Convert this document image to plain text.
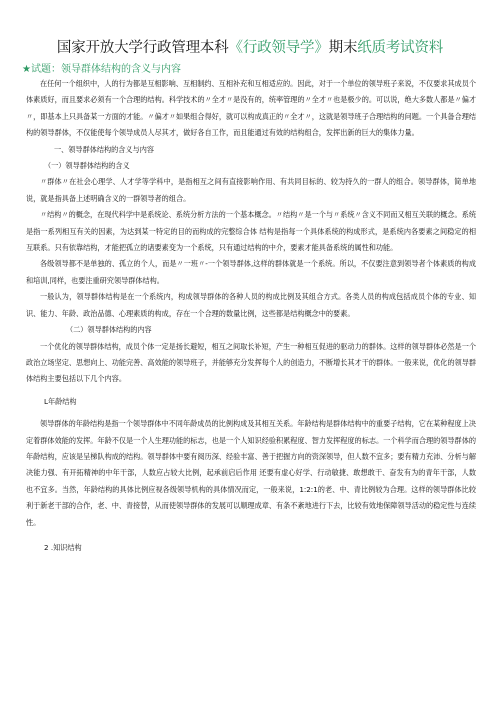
国家开放大学行政管理本科《行政领导学》期末纸质考试资料
★试题：领导群体结构的含义与内容

在任何一个组织中，人的行为都是互相影响、互相制约、互相补充和互相适应的。因此，对于一个单位的领导班子来说，不仅要求其成员个体素质好，而且要求必须有一个合理的结构。科学技术的〃全才〃是没有的，统率管理的〃全才〃也是极少的。可以说，绝大多数人都是〃偏才〃，即基本上只具备某一方面的才能。〃偏才〃如果组合得好，就可以构成真正的〃全才〃，这就是领导班子合理结构的问题。一个具备合理结构的领导群体，不仅能使每个领导成员人尽其才，做好各自工作，而且能通过有效的结构组合，发挥出新的巨大的集体力量。

一、领导群体结构的含义与内容

（一）领导群体结构的含义

〃群体〃在社会心理学、人才学等学科中，是指相互之间有直接影响作用、有共同目标的、较为持久的一群人的组合。领导群体，简单地说，就是指具备上述明确含义的一群领导者的组合。

〃结构〃的概念，在现代科学中是系统论、系统分析方法的一个基本概念。〃结构〃是一个与〃系统〃含义不同而又相互关联的概念。系统是指一系列相互有关的因素，为达到某一特定的目的而构成的完整综合体 结构是指每一个具体系统的构成形式，是系统内各要素之间稳定的相互联系。只有依靠结构，才能把孤立的诸要素变为一个系统，只有通过结构的中介，要素才能具备系统的属性和功能。

各级领导都不是单独的、孤立的个人，而是〃一班〃-一个领导群体,这样的群体就是一个系统。所以，不仅要注意到领导者个体素质的构成和培训,同样，也要注重研究领导群体结构。

一般认为，领导群体结构是在一个系统内，构成领导群体的各种人员的构成比例及其组合方式。各类人员的构成包括成员个体的专业、知识、能力、年龄、政治品德、心理素质的构成，存在一个合理的数量比例，这些都是结构概念中的要素。

（二）领导群体结构的内容

一个优化的领导群体结构，成员个体一定是扬长避短，相互之间取长补短，产生一种相互促进的驱动力的群体。这样的领导群体必然是一个政治立场坚定、思想向上、功能完善、高效能的领导班子，并能够充分发挥每个人的创造力，不断增长其才干的群体。一般来说，优化的领导群体结构主要包括以下几个内容。

L年龄结构

领导群体的年龄结构是指一个领导群体中不同年龄成员的比例构成及其相互关系。年龄结构是群体结构中的重要子结构，它在某种程度上决定着群体效能的发挥。年龄不仅是一个人生理功能的标志，也是一个人知识经验积累程度、智力发挥程度的标志。一个科学而合理的领导群体的年龄结构，应该是呈梯队构成的结构。领导群体中要有阅历深、经验丰富、善于把握方向的资深领导，但人数不宜多；要有精力充沛、分析与解决能力强、有开拓精神的中年干部，人数应占较大比例，起承前启后作用 还要有虚心好学、行动敏捷、敢想敢干、奋发有为的青年干部，人数也不宜多。当然，年龄结构的具体比例应视各级领导机构的具体情况而定，一般来说，1:2:1的老、中、青比例较为合理。这样的领导群体比较利于新老干部的合作，老、中、青接替，从而使领导群体的发展可以顺理成章、有条不紊地进行下去，比较有效地保障领导活动的稳定性与连续性。

2 .知识结构
